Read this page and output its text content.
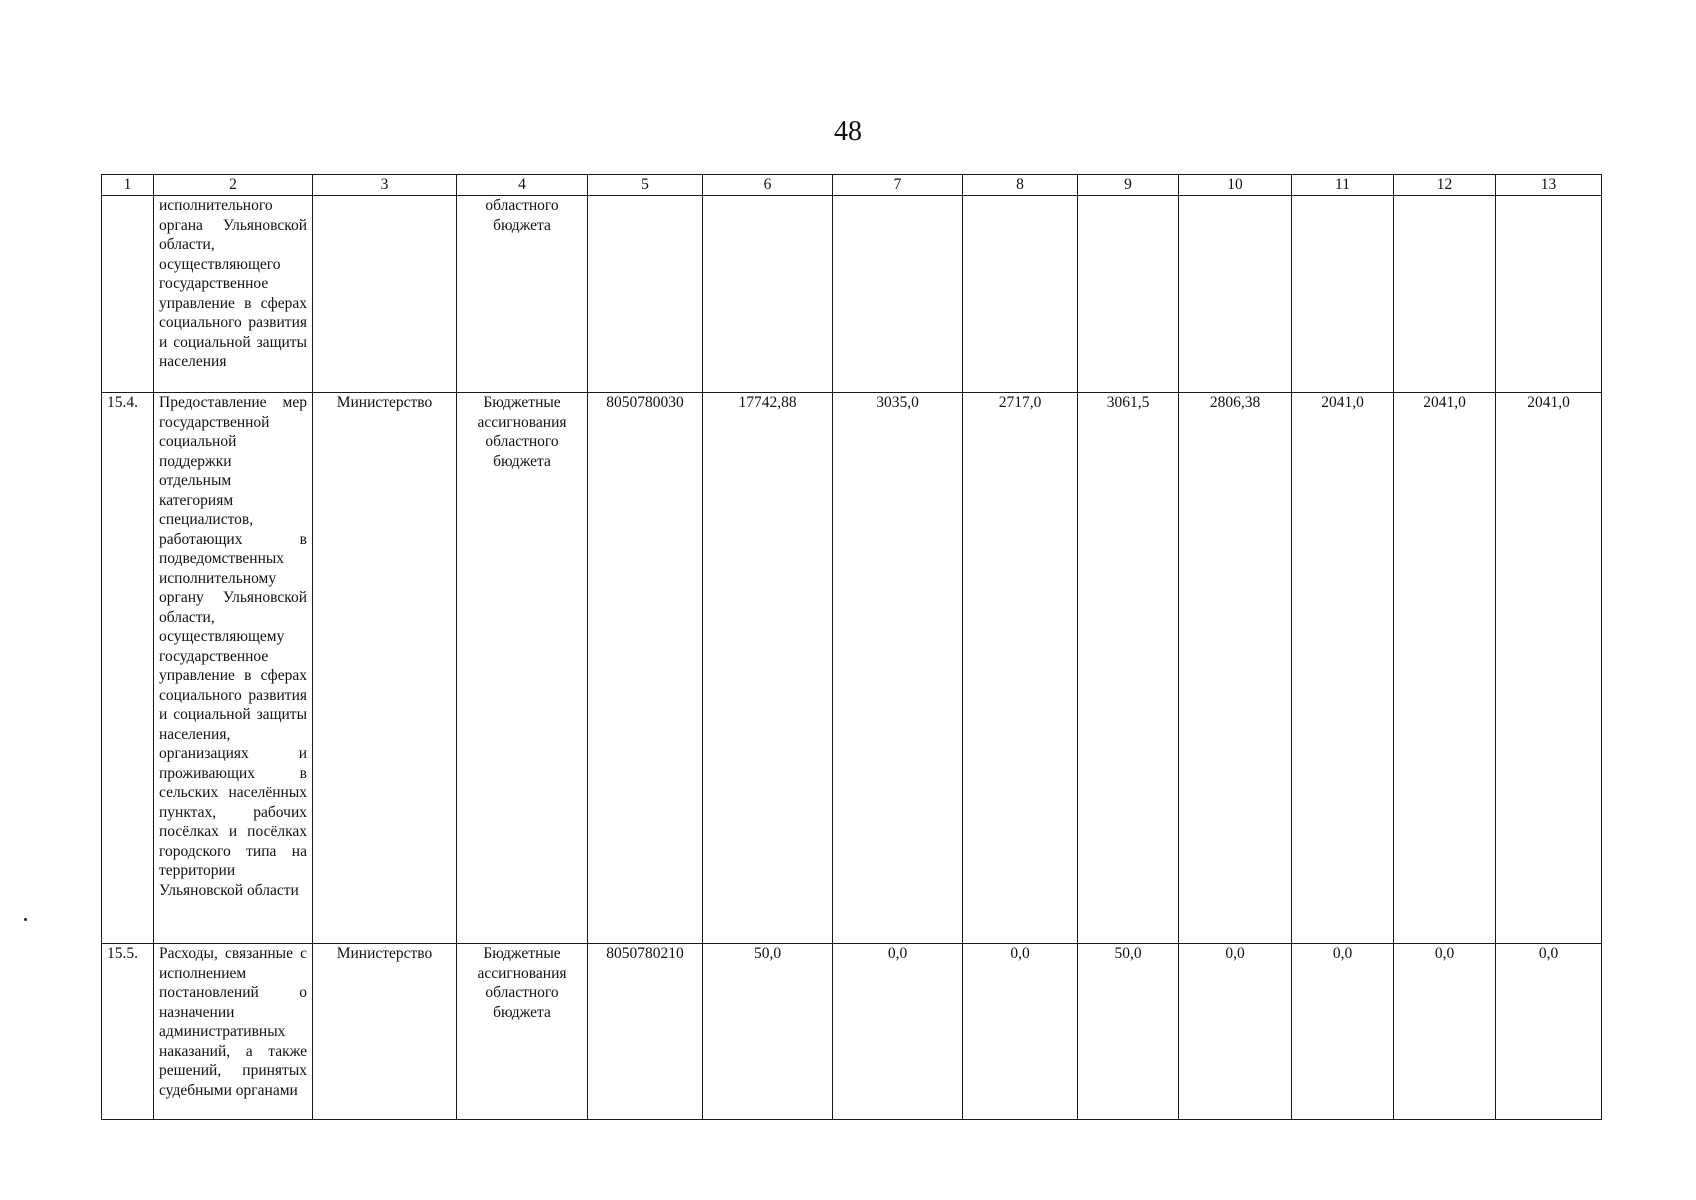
48
1	2	3	4	5	6	7	8	9	10	11	12	13
	исполнительного органа Ульяновской области, осуществляющего государственное управление в сферах социального развития и социальной защиты населения		областного бюджета									
15.4.	Предоставление мер государственной социальной поддержки отдельным категориям специалистов, работающих в подведомственных исполнительному органу Ульяновской области, осуществляющему государственное управление в сферах социального развития и социальной защиты населения, организациях и проживающих в сельских населённых пунктах, рабочих посёлках и посёлках городского типа на территории Ульяновской области	Министерство	Бюджетные ассигнования областного бюджета	8050780030	17742,88	3035,0	2717,0	3061,5	2806,38	2041,0	2041,0	2041,0
15.5.	Расходы, связанные с исполнением постановлений о назначении административных наказаний, а также решений, принятых судебными органами	Министерство	Бюджетные ассигнования областного бюджета	8050780210	50,0	0,0	0,0	50,0	0,0	0,0	0,0	0,0
